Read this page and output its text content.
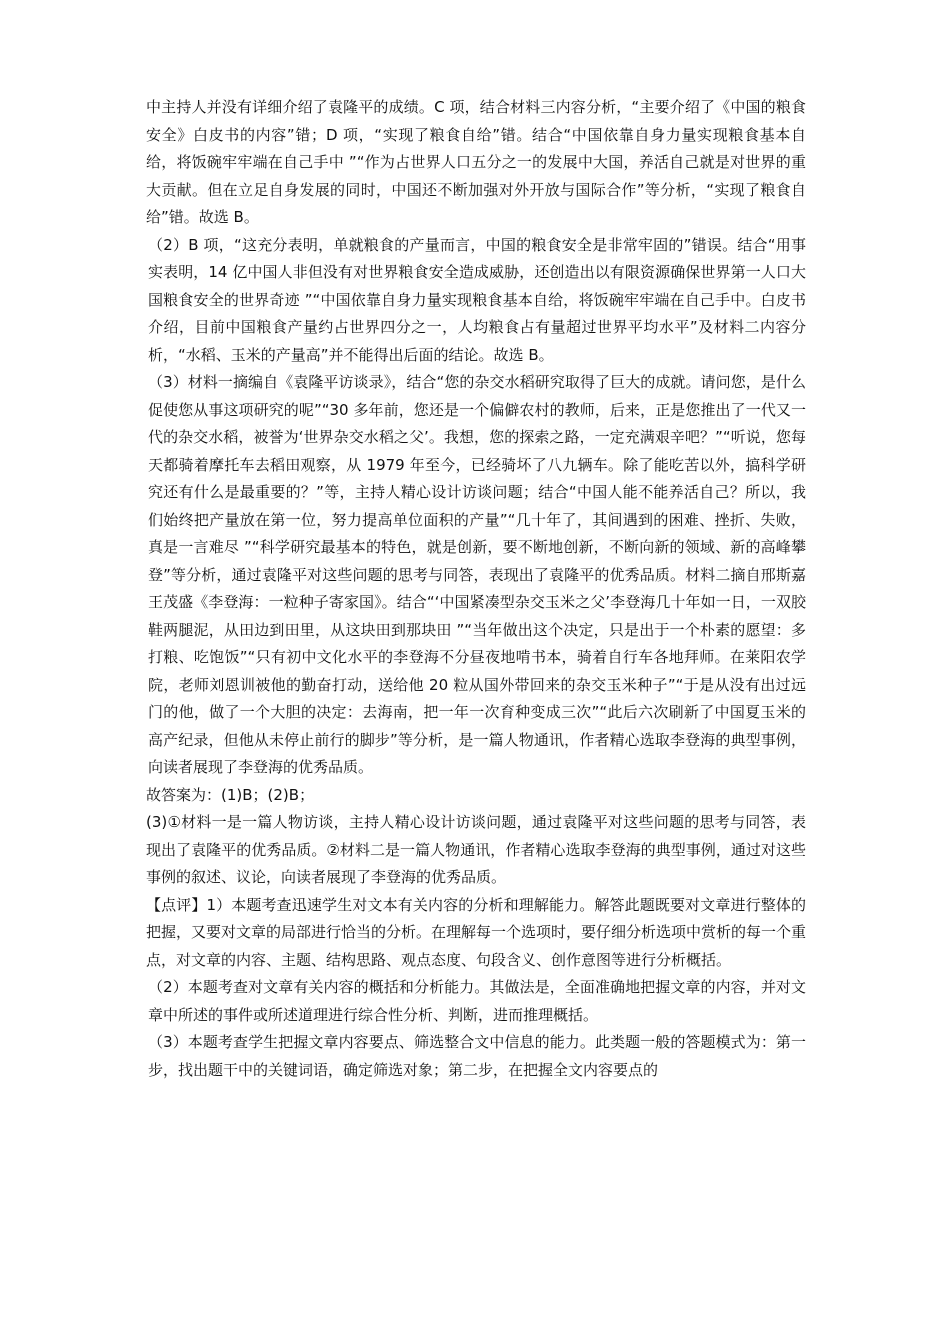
中主持人并没有详细介绍了袁隆平的成绩。C 项，结合材料三内容分析，“主要介绍了《中国的粮食安全》白皮书的内容”错；D 项，“实现了粮食自给”错。结合“中国依靠自身力量实现粮食基本自给，将饭碗牢牢端在自己手中 ”“作为占世界人口五分之一的发展中大国，养活自己就是对世界的重大贡献。但在立足自身发展的同时，中国还不断加强对外开放与国际合作”等分析，“实现了粮食自给”错。故选 B。

（2）B 项，“这充分表明，单就粮食的产量而言，中国的粮食安全是非常牢固的”错误。结合“用事实表明，14 亿中国人非但没有对世界粮食安全造成威胁，还创造出以有限资源确保世界第一人口大国粮食安全的世界奇迹 ”“中国依靠自身力量实现粮食基本自给，将饭碗牢牢端在自己手中。白皮书介绍，目前中国粮食产量约占世界四分之一，人均粮食占有量超过世界平均水平”及材料二内容分析，“水稻、玉米的产量高”并不能得出后面的结论。故选 B。

（3）材料一摘编自《袁隆平访谈录》，结合“您的杂交水稻研究取得了巨大的成就。请问您，是什么促使您从事这项研究的呢”“30 多年前，您还是一个偏僻农村的教师，后来，正是您推出了一代又一 代的杂交水稻，被誉为‘世界杂交水稻之父’。我想，您的探索之路，一定充满艰辛吧？”“听说，您每天都骑着摩托车去稻田观察，从 1979 年至今，已经骑坏了八九辆车。除了能吃苦以外，搞科学研究还有什么是最重要的？”等，主持人精心设计访谈问题；结合“中国人能不能养活自己？所以，我们始终把产量放在第一位，努力提高单位面积的产量”“几十年了，其间遇到的困难、挫折、失败，真是一言难尽 ”“科学研究最基本的特色，就是创新，要不断地创新，不断向新的领域、新的高峰攀登”等分析，通过袁隆平对这些问题的思考与同答，表现出了袁隆平的优秀品质。材料二摘自邢斯嘉王茂盛《李登海：一粒种子寄家国》。结合“‘中国紧凑型杂交玉米之父’李登海几十年如一日，一双胶鞋两腿泥，从田边到田里，从这块田到那块田 ”“当年做出这个决定，只是出于一个朴素的愿望：多打粮、吃饱饭”“只有初中文化水平的李登海不分昼夜地啃书本，骑着自行车各地拜师。在莱阳农学院，老师刘恩训被他的勤奋打动，送给他 20 粒从国外带回来的杂交玉米种子”“于是从没有出过远门的他，做了一个大胆的决定：去海南，把一年一次育种变成三次”“此后六次刷新了中国夏玉米的高产纪录，但他从未停止前行的脚步”等分析，是一篇人物通讯，作者精心选取李登海的典型事例，向读者展现了李登海的优秀品质。

故答案为：(1)B；(2)B；

(3)①材料一是一篇人物访谈，主持人精心设计访谈问题，通过袁隆平对这些问题的思考与同答，表现出了袁隆平的优秀品质。②材料二是一篇人物通讯，作者精心选取李登海的典型事例，通过对这些事例的叙述、议论，向读者展现了李登海的优秀品质。

【点评】1）本题考查迅速学生对文本有关内容的分析和理解能力。解答此题既要对文章进行整体的把握，又要对文章的局部进行恰当的分析。在理解每一个选项时，要仔细分析选项中赏析的每一个重点，对文章的内容、主题、结构思路、观点态度、句段含义、创作意图等进行分析概括。

（2）本题考查对文章有关内容的概括和分析能力。其做法是，全面准确地把握文章的内容，并对文章中所述的事件或所述道理进行综合性分析、判断，进而推理概括。

（3）本题考查学生把握文章内容要点、筛选整合文中信息的能力。此类题一般的答题模式为：第一步，找出题干中的关键词语，确定筛选对象；第二步，在把握全文内容要点的
